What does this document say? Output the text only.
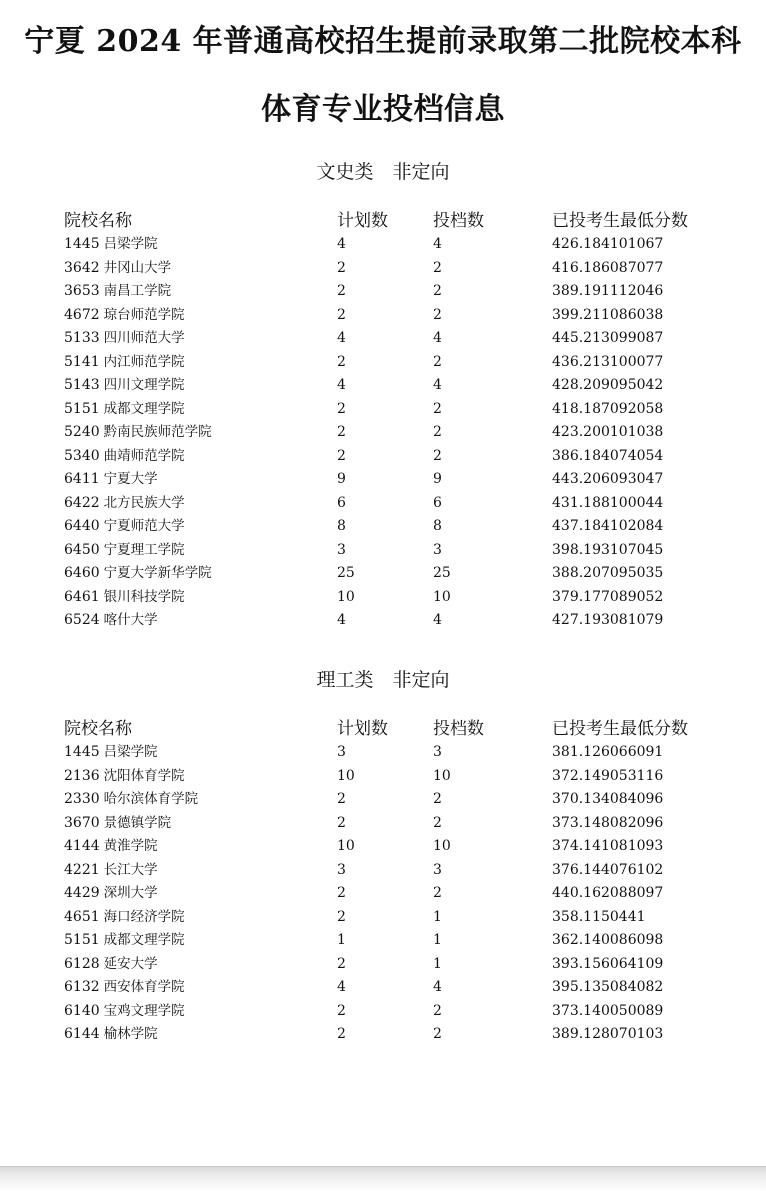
宁夏 2024 年普通高校招生提前录取第二批院校本科
体育专业投档信息
文史类　非定向
院校名称	计划数	投档数	已投考生最低分数
1445 吕梁学院	4	4	426.184101067
3642 井冈山大学	2	2	416.186087077
3653 南昌工学院	2	2	389.191112046
4672 琼台师范学院	2	2	399.211086038
5133 四川师范大学	4	4	445.213099087
5141 内江师范学院	2	2	436.213100077
5143 四川文理学院	4	4	428.209095042
5151 成都文理学院	2	2	418.187092058
5240 黔南民族师范学院	2	2	423.200101038
5340 曲靖师范学院	2	2	386.184074054
6411 宁夏大学	9	9	443.206093047
6422 北方民族大学	6	6	431.188100044
6440 宁夏师范大学	8	8	437.184102084
6450 宁夏理工学院	3	3	398.193107045
6460 宁夏大学新华学院	25	25	388.207095035
6461 银川科技学院	10	10	379.177089052
6524 喀什大学	4	4	427.193081079
理工类　非定向
院校名称	计划数	投档数	已投考生最低分数
1445 吕梁学院	3	3	381.126066091
2136 沈阳体育学院	10	10	372.149053116
2330 哈尔滨体育学院	2	2	370.134084096
3670 景德镇学院	2	2	373.148082096
4144 黄淮学院	10	10	374.141081093
4221 长江大学	3	3	376.144076102
4429 深圳大学	2	2	440.162088097
4651 海口经济学院	2	1	358.1150441
5151 成都文理学院	1	1	362.140086098
6128 延安大学	2	1	393.156064109
6132 西安体育学院	4	4	395.135084082
6140 宝鸡文理学院	2	2	373.140050089
6144 榆林学院	2	2	389.128070103
